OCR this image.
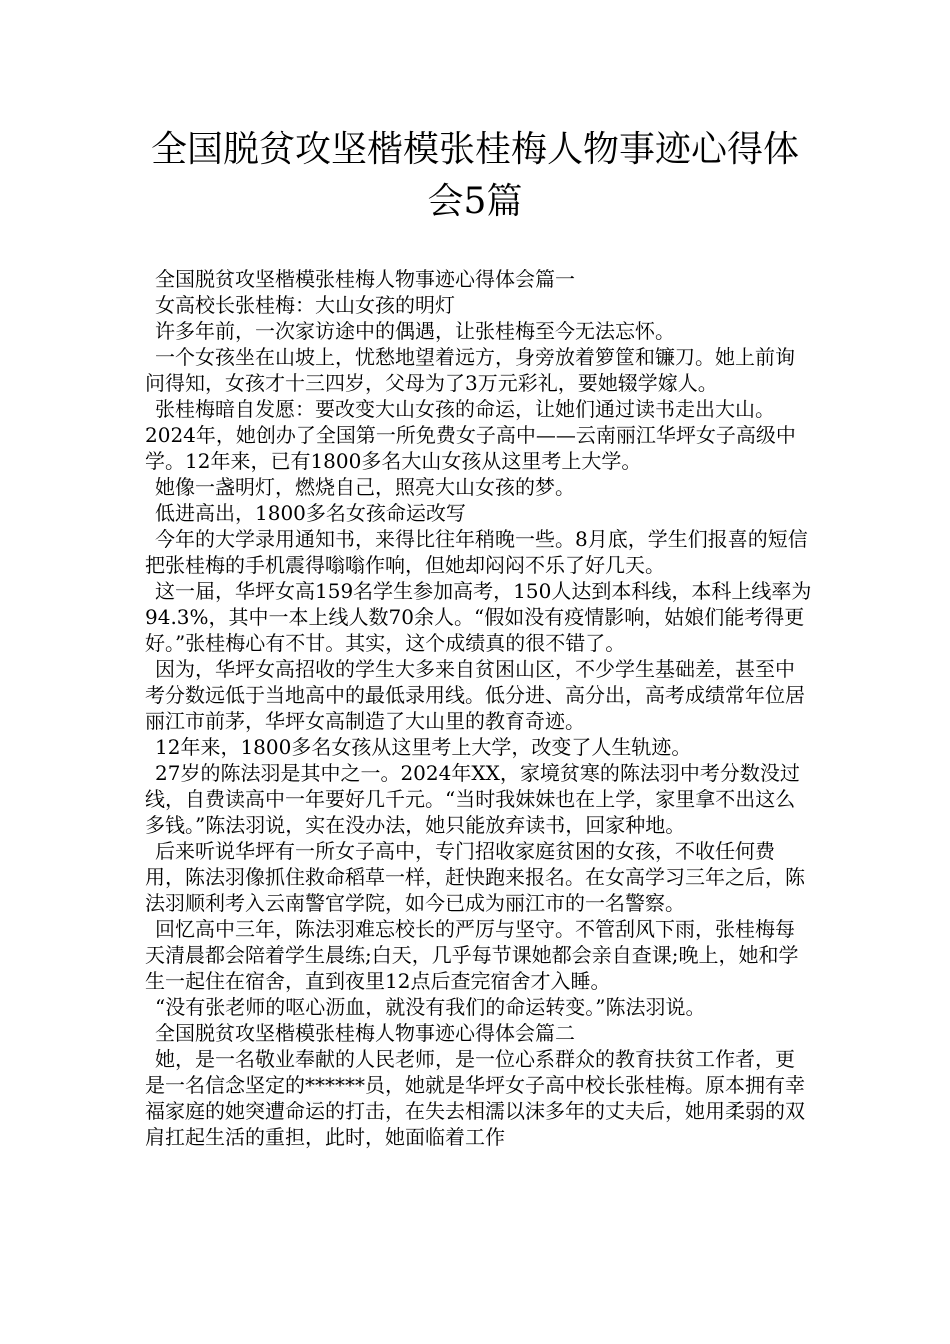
全国脱贫攻坚楷模张桂梅人物事迹心得体
会5篇

全国脱贫攻坚楷模张桂梅人物事迹心得体会篇一

女高校长张桂梅：大山女孩的明灯

许多年前，一次家访途中的偶遇，让张桂梅至今无法忘怀。

一个女孩坐在山坡上，忧愁地望着远方，身旁放着箩筐和镰刀。她上前询问得知，女孩才十三四岁，父母为了3万元彩礼，要她辍学嫁人。

张桂梅暗自发愿：要改变大山女孩的命运，让她们通过读书走出大山。2024年，她创办了全国第一所免费女子高中——云南丽江华坪女子高级中学。12年来，已有1800多名大山女孩从这里考上大学。

她像一盏明灯，燃烧自己，照亮大山女孩的梦。

低进高出，1800多名女孩命运改写

今年的大学录用通知书，来得比往年稍晚一些。8月底，学生们报喜的短信把张桂梅的手机震得嗡嗡作响，但她却闷闷不乐了好几天。

这一届，华坪女高159名学生参加高考，150人达到本科线，本科上线率为94.3%，其中一本上线人数70余人。“假如没有疫情影响，姑娘们能考得更好。”张桂梅心有不甘。其实，这个成绩真的很不错了。

因为，华坪女高招收的学生大多来自贫困山区，不少学生基础差，甚至中考分数远低于当地高中的最低录用线。低分进、高分出，高考成绩常年位居丽江市前茅，华坪女高制造了大山里的教育奇迹。

12年来，1800多名女孩从这里考上大学，改变了人生轨迹。

27岁的陈法羽是其中之一。2024年XX，家境贫寒的陈法羽中考分数没过线，自费读高中一年要好几千元。“当时我妹妹也在上学，家里拿不出这么多钱。”陈法羽说，实在没办法，她只能放弃读书，回家种地。

后来听说华坪有一所女子高中，专门招收家庭贫困的女孩，不收任何费用，陈法羽像抓住救命稻草一样，赶快跑来报名。在女高学习三年之后，陈法羽顺利考入云南警官学院，如今已成为丽江市的一名警察。

回忆高中三年，陈法羽难忘校长的严厉与坚守。不管刮风下雨，张桂梅每天清晨都会陪着学生晨练;白天，几乎每节课她都会亲自查课;晚上，她和学生一起住在宿舍，直到夜里12点后查完宿舍才入睡。

“没有张老师的呕心沥血，就没有我们的命运转变。”陈法羽说。

全国脱贫攻坚楷模张桂梅人物事迹心得体会篇二

她，是一名敬业奉献的人民老师，是一位心系群众的教育扶贫工作者，更是一名信念坚定的******员，她就是华坪女子高中校长张桂梅。原本拥有幸福家庭的她突遭命运的打击，在失去相濡以沫多年的丈夫后，她用柔弱的双肩扛起生活的重担，此时，她面临着工作
